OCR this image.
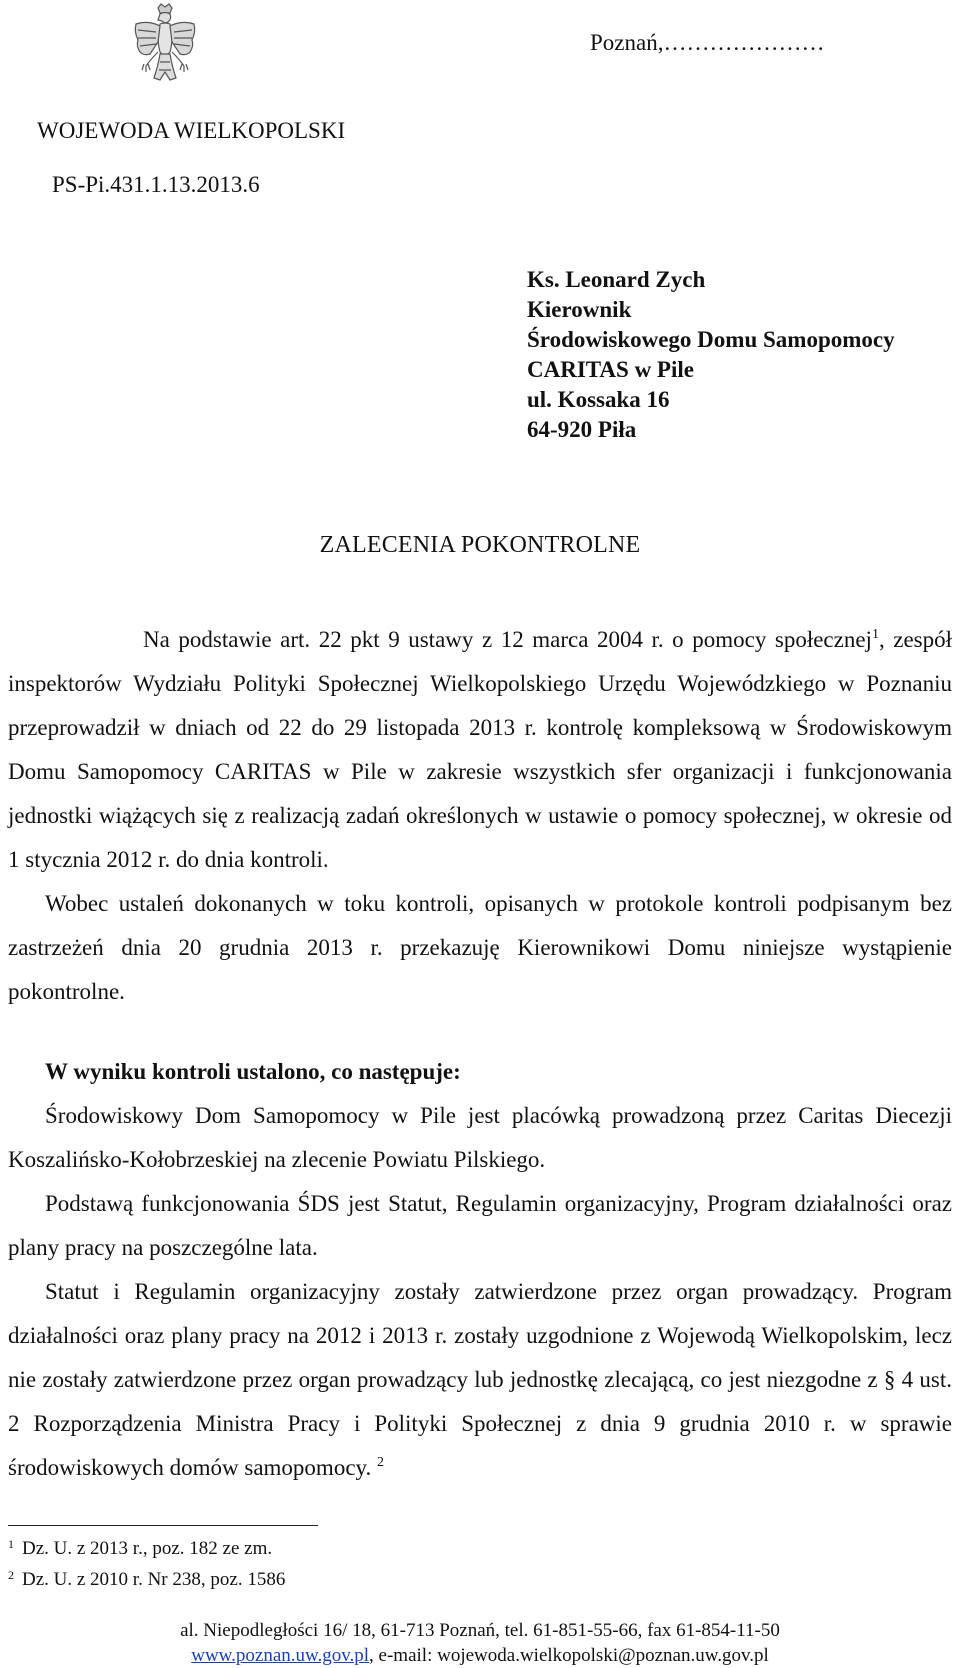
Poznań,…………………
WOJEWODA WIELKOPOLSKI
PS-Pi.431.1.13.2013.6
Ks. Leonard Zych
Kierownik
Środowiskowego Domu Samopomocy
CARITAS w Pile
ul. Kossaka 16
64-920 Piła
ZALECENIA POKONTROLNE

Na podstawie art. 22 pkt 9 ustawy z 12 marca 2004 r. o pomocy społecznej$^1$, zespół inspektorów Wydziału Polityki Społecznej Wielkopolskiego Urzędu Wojewódzkiego w Poznaniu przeprowadził w dniach od 22 do 29 listopada 2013 r. kontrolę kompleksową w Środowiskowym Domu Samopomocy CARITAS w Pile w zakresie wszystkich sfer organizacji i funkcjonowania jednostki wiążących się z realizacją zadań określonych w ustawie o pomocy społecznej, w okresie od 1 stycznia 2012 r. do dnia kontroli.

Wobec ustaleń dokonanych w toku kontroli, opisanych w protokole kontroli podpisanym bez zastrzeżeń dnia 20 grudnia 2013 r. przekazuję Kierownikowi Domu niniejsze wystąpienie pokontrolne.

W wyniku kontroli ustalono, co następuje:

Środowiskowy Dom Samopomocy w Pile jest placówką prowadzoną przez Caritas Diecezji Koszalińsko-Kołobrzeskiej na zlecenie Powiatu Pilskiego.

Podstawą funkcjonowania ŚDS jest Statut, Regulamin organizacyjny, Program działalności oraz plany pracy na poszczególne lata.

Statut i Regulamin organizacyjny zostały zatwierdzone przez organ prowadzący. Program działalności oraz plany pracy na 2012 i 2013 r. zostały uzgodnione z Wojewodą Wielkopolskim, lecz nie zostały zatwierdzone przez organ prowadzący lub jednostkę zlecającą, co jest niezgodne z § 4 ust. 2 Rozporządzenia Ministra Pracy i Polityki Społecznej z dnia 9 grudnia 2010 r. w sprawie środowiskowych domów samopomocy. $^2$

$^1$ Dz. U. z 2013 r., poz. 182 ze zm.
$^2$ Dz. U. z 2010 r. Nr 238, poz. 1586
al. Niepodległości 16/ 18, 61-713 Poznań, tel. 61-851-55-66, fax 61-854-11-50
www.poznan.uw.gov.pl, e-mail: wojewoda.wielkopolski@poznan.uw.gov.pl
